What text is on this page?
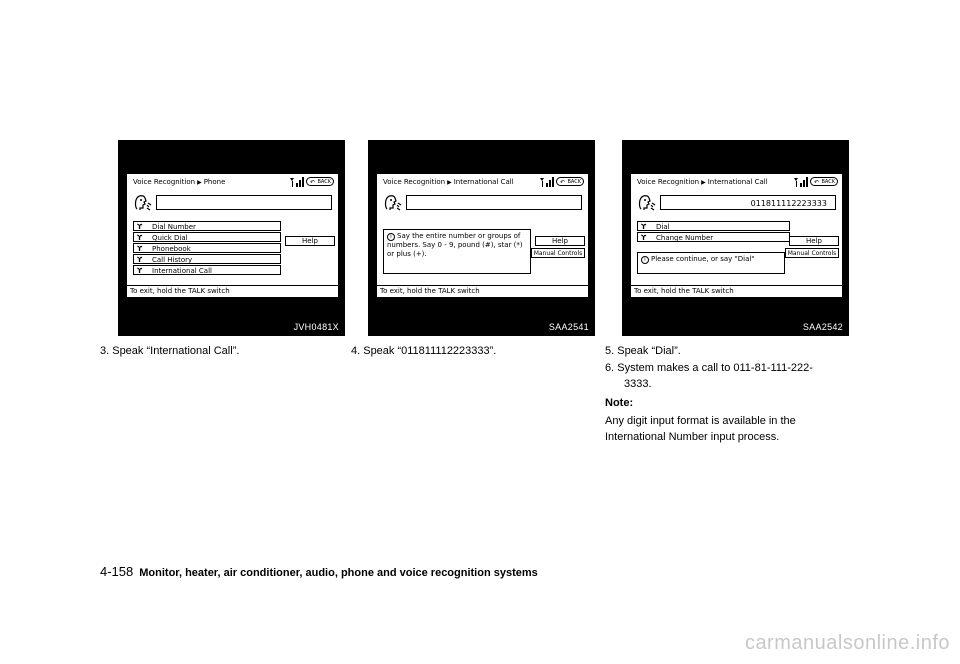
Voice Recognition ▶ Phone	↶ BACK
ϒ Dial Number
ϒ Quick Dial
ϒ Phonebook
ϒ Call History
ϒ International Call
Help
To exit, hold the TALK switch
JVH0481X
Voice Recognition ▶ International Call	↶ BACK
i Say the entire number or groups of numbers. Say 0 - 9, pound (#), star (*) or plus (+).
Help
Manual Controls
To exit, hold the TALK switch
SAA2541
Voice Recognition ▶ International Call	↶ BACK
011811112223333
ϒ Dial
ϒ Change Number
i Please continue, or say "Dial"
Help
Manual Controls
To exit, hold the TALK switch
SAA2542
3. Speak “International Call”.	4. Speak “011811112223333”.	5. Speak “Dial”.
6. System makes a call to 011-81-111-222-
3333.
Note:
Any digit input format is available in the
International Number input process.
4-158 Monitor, heater, air conditioner, audio, phone and voice recognition systems
carmanualsonline.info
